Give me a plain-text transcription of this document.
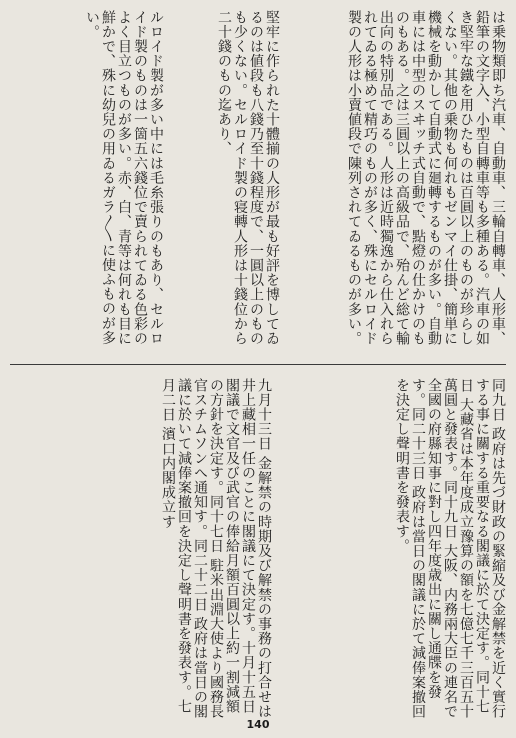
は乗物類即ち汽車、自動車、三輪自轉車、人形車、鉛筆の文字入、小型自轉車等も多種ある。汽車の如き堅牢な鐵を用ひたものは百圓以上のものが珍らしくない。其他の乗物も何れもゼンマイ仕掛、簡単に機械を動かして自動式に廻轉するものが多い。自動車には中型のスヰッチ式自動で、點燈の仕かけのものもある。之は三圓以上の高級品で、殆んど総て輸出向の特別品である。人形は近時獨逸から仕入れられてゐる極めて精巧のものが多く、殊にセルロイド製の人形は小賣値段で陳列されてゐるものが多い。
堅牢に作られた十體揃の人形が最も好評を博してゐるのは値段も八錢乃至十錢程度で、一圓以上のものも少くない。セルロイド製の寝轉人形は十錢位から二十錢のもの迄あり、
ルロイド製が多い中には毛糸張りのもあり、セルロイド製のものは一箇五六錢位で賣られてゐる色彩のよく目立つものが多い。赤、白、青等は何れも目に鮮かで、殊に幼兒の用ゐるガラ〳〵に使ふものが多い。
同九日 政府は先づ財政の緊縮及び金解禁を近く實行する事に關する重要なる閣議に於て決定す。同十七日 大藏省は本年度成立豫算の額を七億七千三百五十萬圓と發表す。同十九日 大阪、内務兩大臣の連名で全國の府縣知事に對し四年度歳出に關し通牒を發す。同二十三日 政府は當日の閣議に於て減俸案撤回を決定し聲明書を發表す。
九月十三日 金解禁の時期及び解禁の事務の打合せは井上藏相一任のことに閣議にて決定す。十月十五日 閣議で文官及び武官の俸給月額百圓以上約一割減額の方針を決定す。同十七日 駐米出淵大使より國務長官スチムソンへ通知す。同二十二日 政府は當日の閣議に於いて減俸案撤回を決定し聲明書を發表す。七月二日 濱口内閣成立す
140
